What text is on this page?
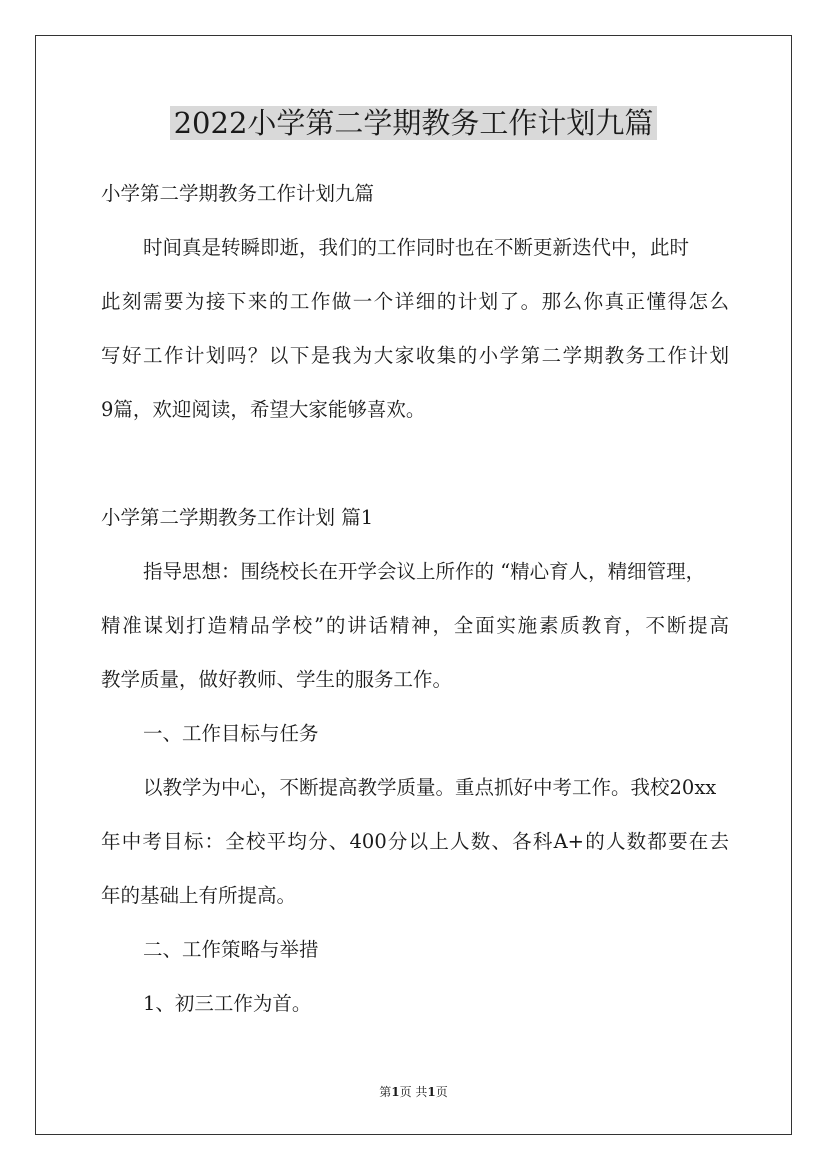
2022小学第二学期教务工作计划九篇
小学第二学期教务工作计划九篇
时间真是转瞬即逝，我们的工作同时也在不断更新迭代中，此时
此刻需要为接下来的工作做一个详细的计划了。那么你真正懂得怎么
写好工作计划吗？以下是我为大家收集的小学第二学期教务工作计划
9篇，欢迎阅读，希望大家能够喜欢。
小学第二学期教务工作计划 篇1
指导思想：围绕校长在开学会议上所作的 “精心育人，精细管理，
精准谋划打造精品学校”的讲话精神，全面实施素质教育，不断提高
教学质量，做好教师、学生的服务工作。
一、工作目标与任务
以教学为中心，不断提高教学质量。重点抓好中考工作。我校20xx
年中考目标：全校平均分、400分以上人数、各科A+的人数都要在去
年的基础上有所提高。
二、工作策略与举措
1、初三工作为首。
第1页 共1页
